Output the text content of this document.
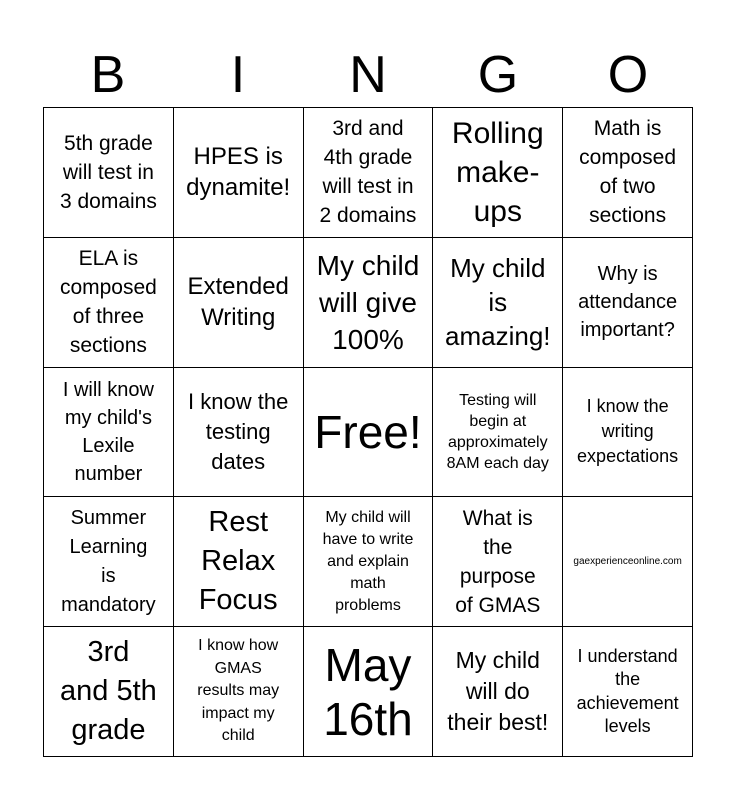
B	I	N	G	O
5th grade
will test in
3 domains
HPES is
dynamite!
3rd and
4th grade
will test in
2 domains
Rolling
make-
ups
Math is
composed
of two
sections
ELA is
composed
of three
sections
Extended
Writing
My child
will give
100%
My child
is
amazing!
Why is
attendance
important?
I will know
my child's
Lexile
number
I know the
testing
dates
Free!
Testing will
begin at
approximately
8AM each day
I know the
writing
expectations
Summer
Learning
is
mandatory
Rest
Relax
Focus
My child will
have to write
and explain
math
problems
What is
the
purpose
of GMAS
gaexperienceonline.com
3rd
and 5th
grade
I know how
GMAS
results may
impact my
child
May
16th
My child
will do
their best!
I understand
the
achievement
levels
